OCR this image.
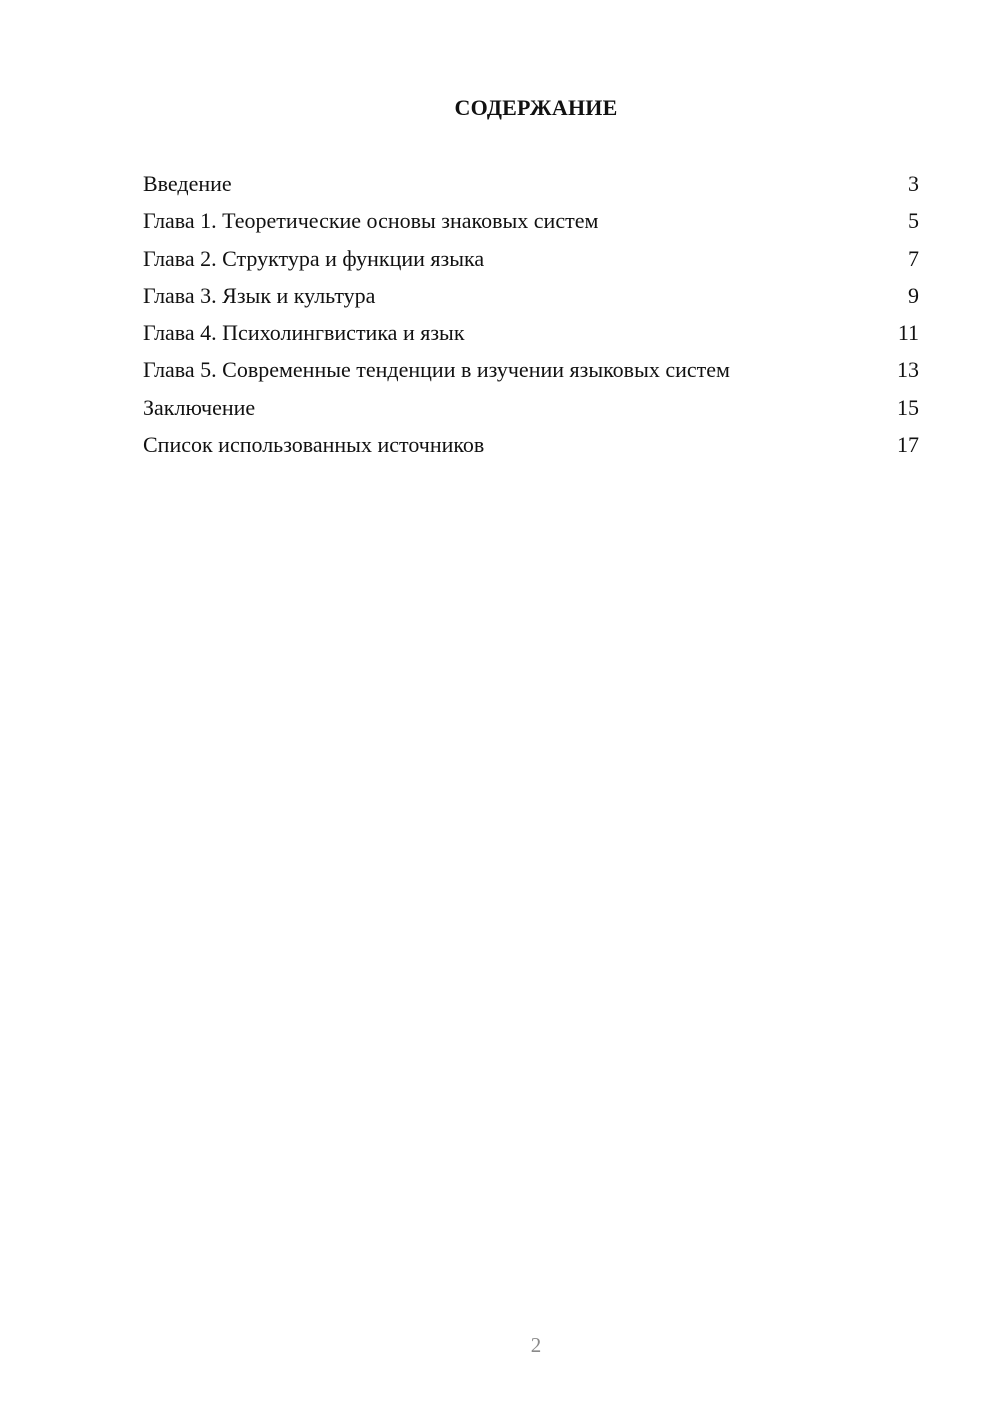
СОДЕРЖАНИЕ
Введение	3
Глава 1. Теоретические основы знаковых систем	5
Глава 2. Структура и функции языка	7
Глава 3. Язык и культура	9
Глава 4. Психолингвистика и язык	11
Глава 5. Современные тенденции в изучении языковых систем	13
Заключение	15
Список использованных источников	17
2
